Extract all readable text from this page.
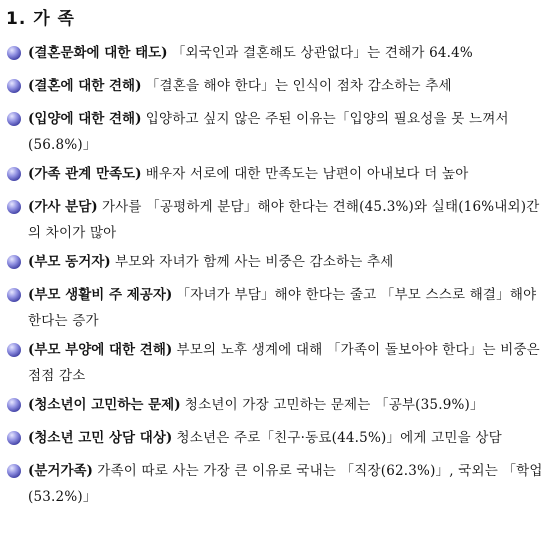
1. 가 족
(결혼문화에 대한 태도) 「외국인과 결혼해도 상관없다」는 견해가 64.4%
(결혼에 대한 견해) 「결혼을 해야 한다」는 인식이 점차 감소하는 추세
(입양에 대한 견해) 입양하고 싶지 않은 주된 이유는「입양의 필요성을 못 느껴서(56.8%)」
(가족 관계 만족도) 배우자 서로에 대한 만족도는 남편이 아내보다 더 높아
(가사 분담) 가사를 「공평하게 분담」해야 한다는 견해(45.3%)와 실태(16%내외)간의 차이가 많아
(부모 동거자) 부모와 자녀가 함께 사는 비중은 감소하는 추세
(부모 생활비 주 제공자) 「자녀가 부담」해야 한다는 줄고 「부모 스스로 해결」해야 한다는 증가
(부모 부양에 대한 견해) 부모의 노후 생계에 대해 「가족이 돌보아야 한다」는 비중은 점점 감소
(청소년이 고민하는 문제) 청소년이 가장 고민하는 문제는 「공부(35.9%)」
(청소년 고민 상담 대상) 청소년은 주로「친구·동료(44.5%)」에게 고민을 상담
(분거가족) 가족이 따로 사는 가장 큰 이유로 국내는 「직장(62.3%)」, 국외는 「학업(53.2%)」
